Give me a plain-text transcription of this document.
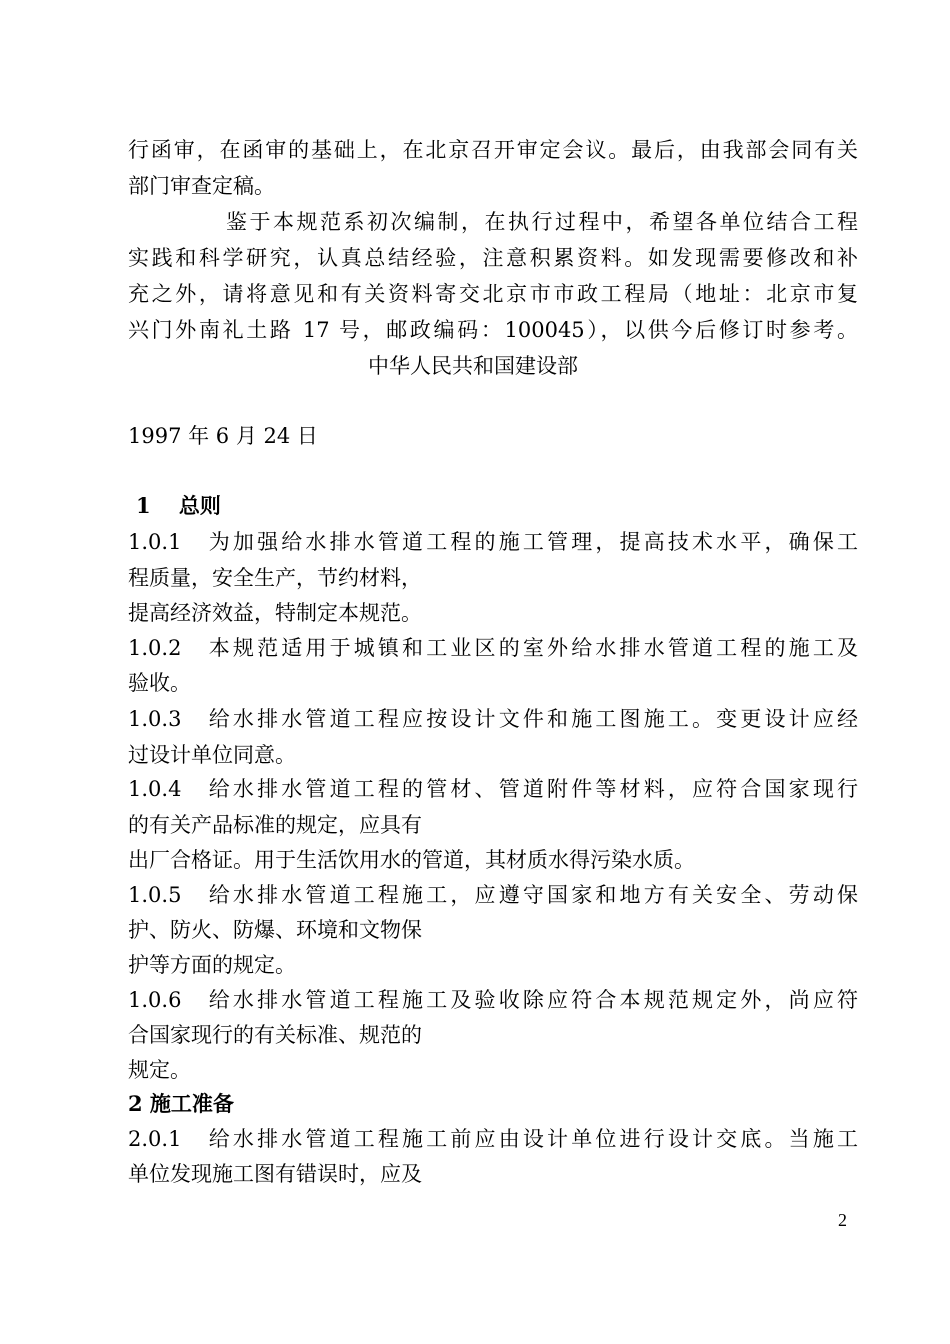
行函审，在函审的基础上，在北京召开审定会议。最后，由我部会同有关
部门审查定稿。
鉴于本规范系初次编制，在执行过程中，希望各单位结合工程
实践和科学研究，认真总结经验，注意积累资料。如发现需要修改和补
充之外，请将意见和有关资料寄交北京市市政工程局（地址：北京市复
兴门外南礼土路 17 号，邮政编码：100045），以供今后修订时参考。
中华人民共和国建设部
1997 年 6 月 24 日
1　 总则
1.0.1　为加强给水排水管道工程的施工管理，提高技术水平，确保工
程质量，安全生产，节约材料，
提高经济效益，特制定本规范。
1.0.2　本规范适用于城镇和工业区的室外给水排水管道工程的施工及
验收。
1.0.3　给水排水管道工程应按设计文件和施工图施工。变更设计应经
过设计单位同意。
1.0.4　给水排水管道工程的管材、管道附件等材料，应符合国家现行
的有关产品标准的规定，应具有
出厂合格证。用于生活饮用水的管道，其材质水得污染水质。
1.0.5　给水排水管道工程施工，应遵守国家和地方有关安全、劳动保
护、防火、防爆、环境和文物保
护等方面的规定。
1.0.6　给水排水管道工程施工及验收除应符合本规范规定外，尚应符
合国家现行的有关标准、规范的
规定。
2 施工准备
2.0.1　给水排水管道工程施工前应由设计单位进行设计交底。当施工
单位发现施工图有错误时，应及
2
